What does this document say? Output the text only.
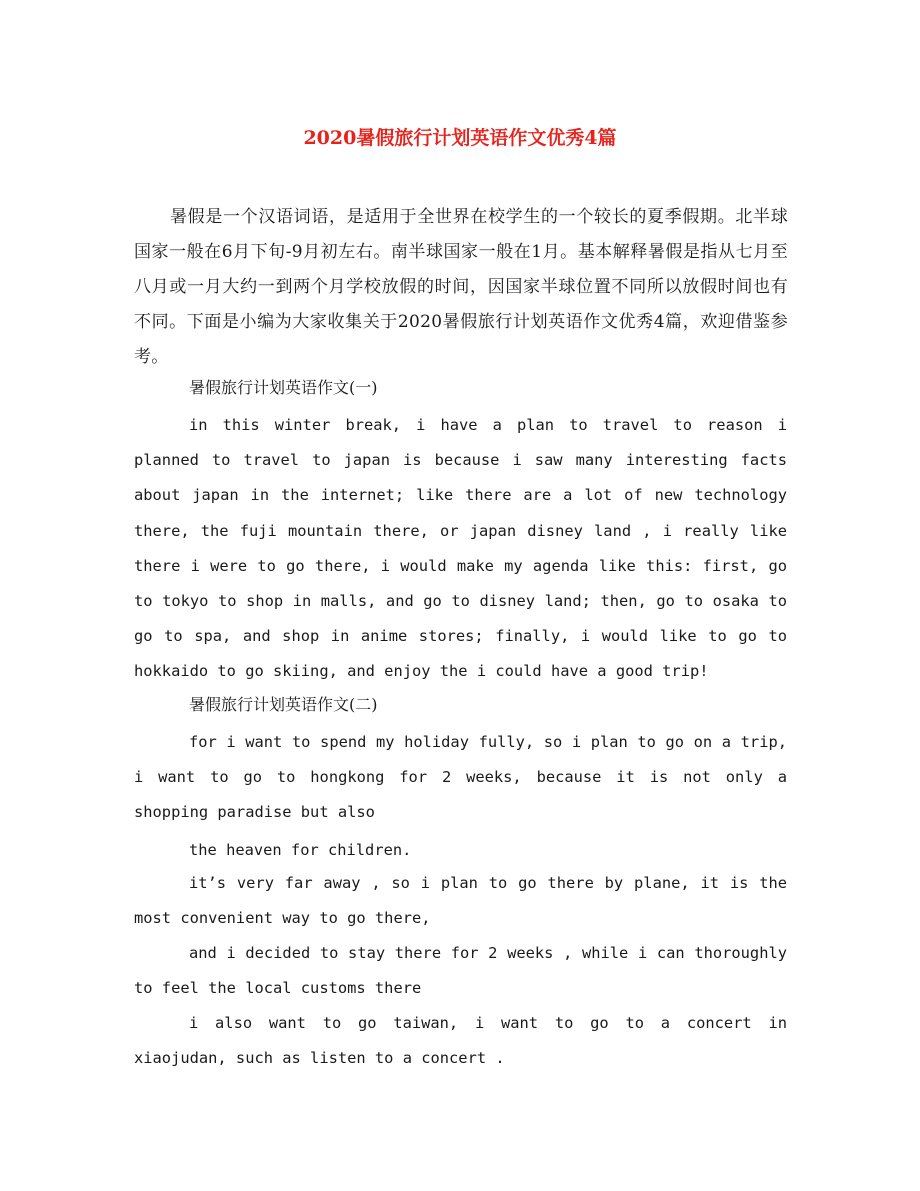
2020暑假旅行计划英语作文优秀4篇

暑假是一个汉语词语，是适用于全世界在校学生的一个较长的夏季假期。北半球国家一般在6月下旬-9月初左右。南半球国家一般在1月。基本解释暑假是指从七月至八月或一月大约一到两个月学校放假的时间，因国家半球位置不同所以放假时间也有不同。下面是小编为大家收集关于2020暑假旅行计划英语作文优秀4篇，欢迎借鉴参考。

暑假旅行计划英语作文(一)

in this winter break, i have a plan to travel to reason i planned to travel to japan is because i saw many interesting facts about japan in the internet; like there are a lot of new technology there, the fuji mountain there, or japan disney land , i really like there i were to go there, i would make my agenda like this: first, go to tokyo to shop in malls, and go to disney land; then, go to osaka to go to spa, and shop in anime stores; finally, i would like to go to hokkaido to go skiing, and enjoy the i could have a good trip!

暑假旅行计划英语作文(二)

for i want to spend my holiday fully, so i plan to go on a trip, i want to go to hongkong for 2 weeks, because it is not only a shopping paradise but also

the heaven for children.

it’s very far away , so i plan to go there by plane, it is the most convenient way to go there,

and i decided to stay there for 2 weeks , while i can thoroughly to feel the local customs there

i also want to go taiwan, i want to go to a concert in xiaojudan, such as listen to a concert .
